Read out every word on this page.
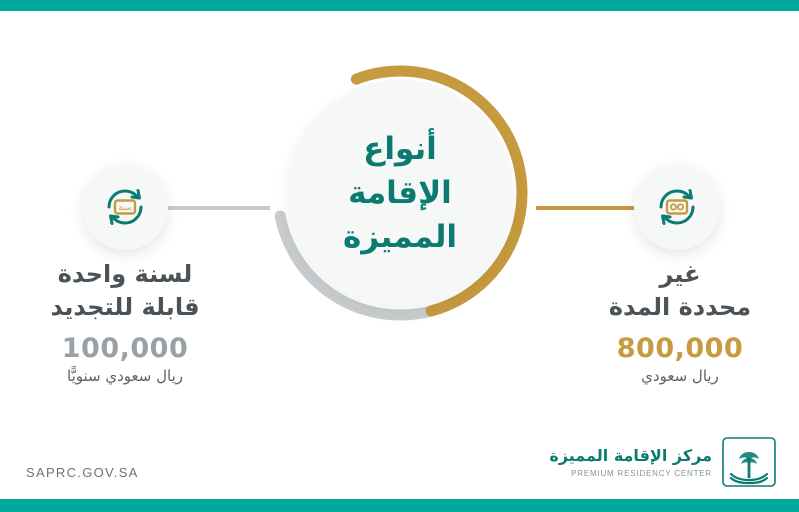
أنواع
الإقامة
المميزة
سنة
لسنة واحدة
قابلة للتجديد
100,000
ريال سعودي سنويًّا
غير
محددة المدة
800,000
ريال سعودي
SAPRC.GOV.SA
مركز الإقامة المميزة
PREMIUM RESIDENCY CENTER
